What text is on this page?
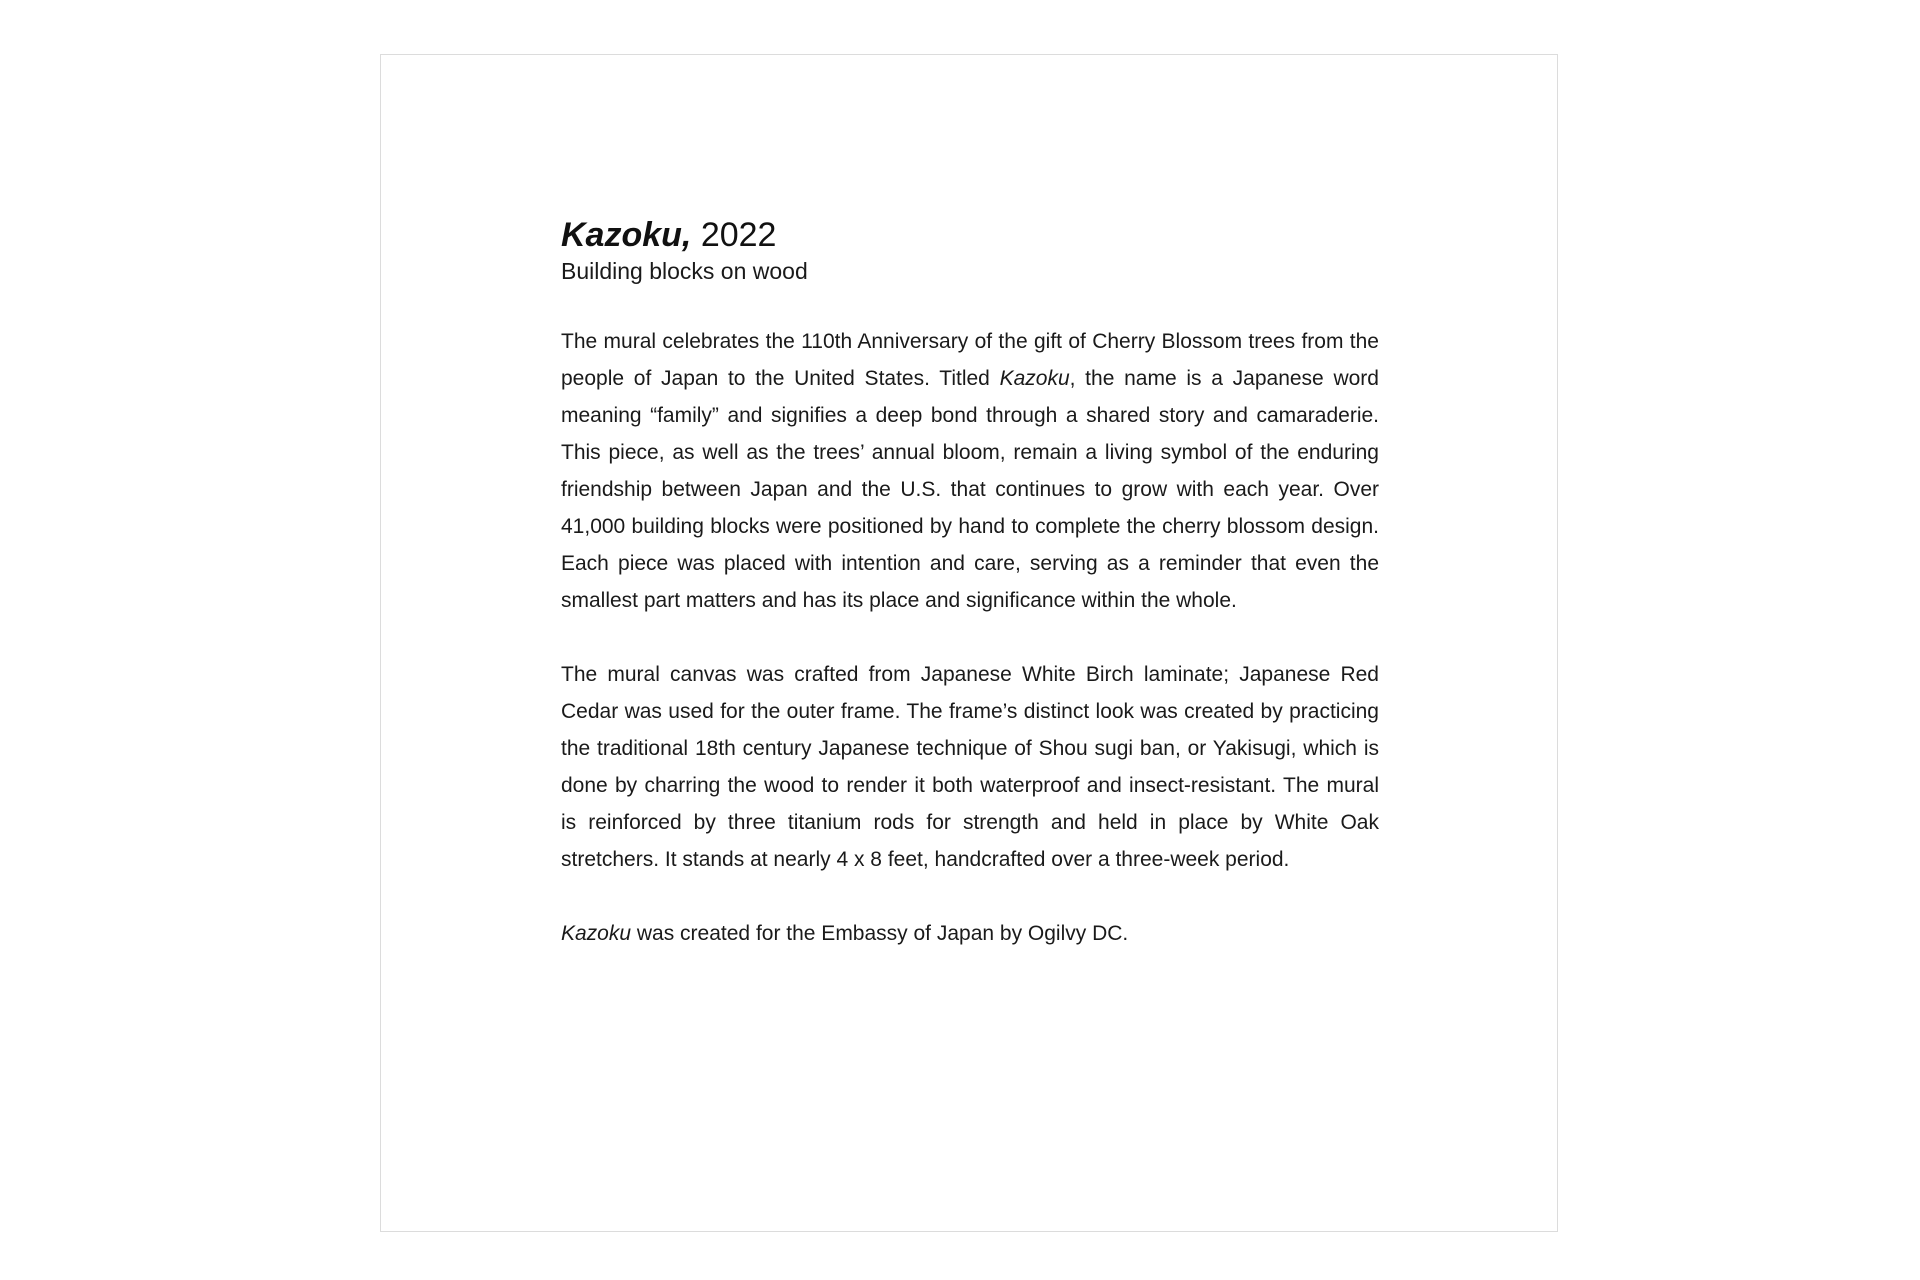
Kazoku, 2022

Building blocks on wood

The mural celebrates the 110th Anniversary of the gift of Cherry Blossom trees from the people of Japan to the United States. Titled Kazoku, the name is a Japanese word meaning “family” and signifies a deep bond through a shared story and camaraderie. This piece, as well as the trees’ annual bloom, remain a living symbol of the enduring friendship between Japan and the U.S. that continues to grow with each year. Over 41,000 building blocks were positioned by hand to complete the cherry blossom design. Each piece was placed with intention and care, serving as a reminder that even the smallest part matters and has its place and significance within the whole.

The mural canvas was crafted from Japanese White Birch laminate; Japanese Red Cedar was used for the outer frame. The frame’s distinct look was created by practicing the traditional 18th century Japanese technique of Shou sugi ban, or Yakisugi, which is done by charring the wood to render it both waterproof and insect-resistant. The mural is reinforced by three titanium rods for strength and held in place by White Oak stretchers. It stands at nearly 4 x 8 feet, handcrafted over a three-week period.

Kazoku was created for the Embassy of Japan by Ogilvy DC.
